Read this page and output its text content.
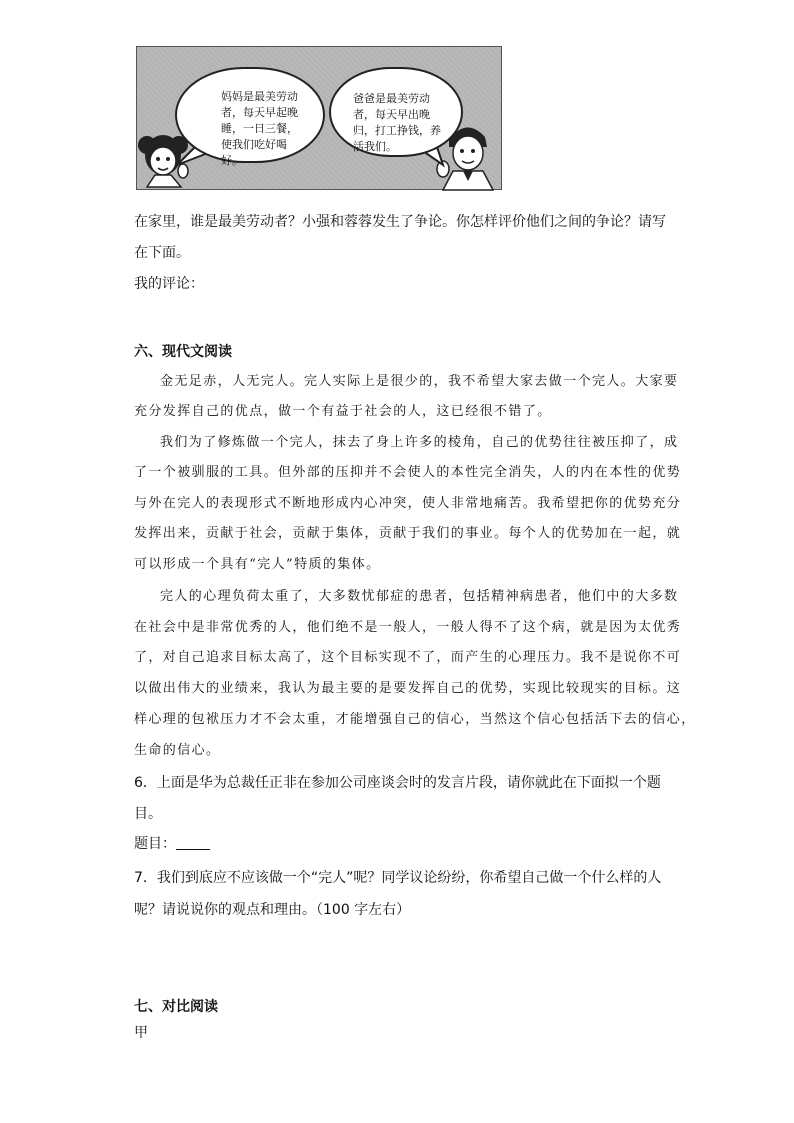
妈妈是最美劳动者，每天早起晚睡，一日三餐，使我们吃好喝好。
爸爸是最美劳动者，每天早出晚归，打工挣钱，养活我们。
在家里，谁是最美劳动者？小强和蓉蓉发生了争论。你怎样评价他们之间的争论？请写
在下面。
我的评论：
六、现代文阅读
金无足赤，人无完人。完人实际上是很少的，我不希望大家去做一个完人。大家要
充分发挥自己的优点，做一个有益于社会的人，这已经很不错了。
我们为了修炼做一个完人，抹去了身上许多的棱角，自己的优势往往被压抑了，成
了一个被驯服的工具。但外部的压抑并不会使人的本性完全消失，人的内在本性的优势
与外在完人的表现形式不断地形成内心冲突，使人非常地痛苦。我希望把你的优势充分
发挥出来，贡献于社会，贡献于集体，贡献于我们的事业。每个人的优势加在一起，就
可以形成一个具有“完人”特质的集体。
完人的心理负荷太重了，大多数忧郁症的患者，包括精神病患者，他们中的大多数
在社会中是非常优秀的人，他们绝不是一般人，一般人得不了这个病，就是因为太优秀
了，对自己追求目标太高了，这个目标实现不了，而产生的心理压力。我不是说你不可
以做出伟大的业绩来，我认为最主要的是要发挥自己的优势，实现比较现实的目标。这
样心理的包袱压力才不会太重，才能增强自己的信心，当然这个信心包括活下去的信心，
生命的信心。
6．上面是华为总裁任正非在参加公司座谈会时的发言片段，请你就此在下面拟一个题
目。
题目：
7．我们到底应不应该做一个“完人”呢？同学议论纷纷，你希望自己做一个什么样的人
呢？请说说你的观点和理由。（100 字左右）
七、对比阅读
甲
